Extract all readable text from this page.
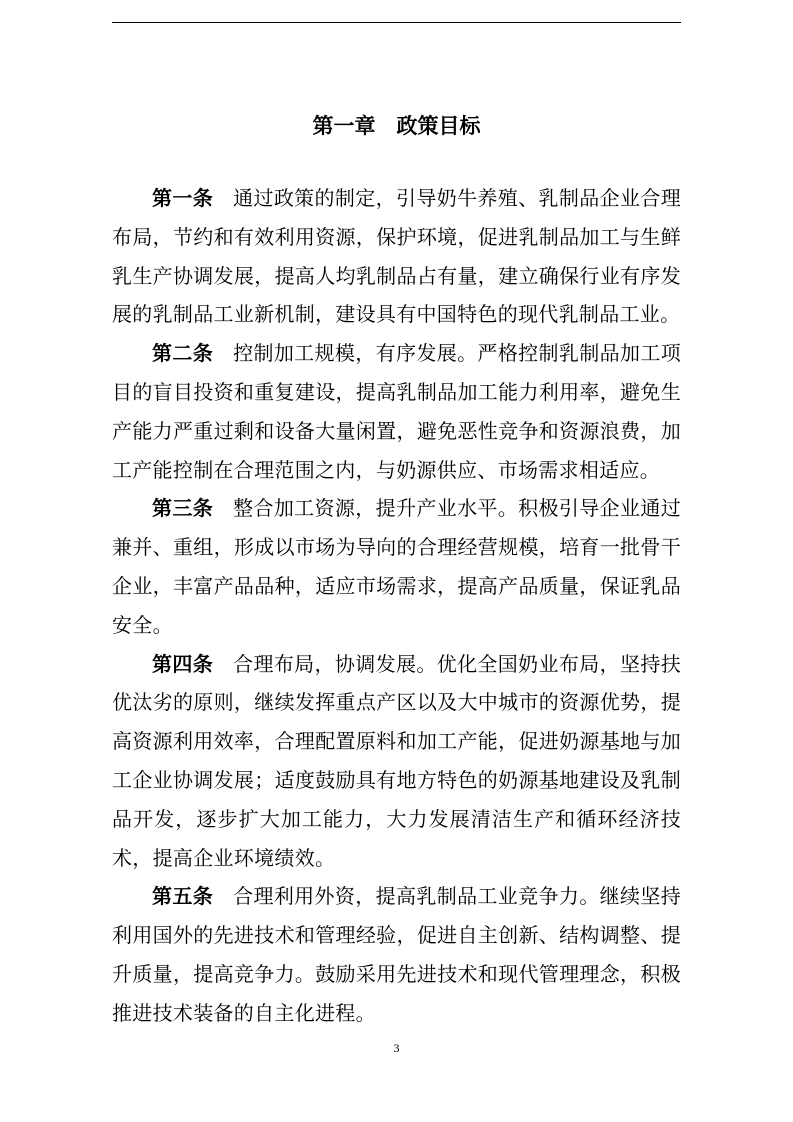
第一章　政策目标

第一条 通过政策的制定，引导奶牛养殖、乳制品企业合理布局，节约和有效利用资源，保护环境，促进乳制品加工与生鲜乳生产协调发展，提高人均乳制品占有量，建立确保行业有序发展的乳制品工业新机制，建设具有中国特色的现代乳制品工业。

第二条 控制加工规模，有序发展。严格控制乳制品加工项目的盲目投资和重复建设，提高乳制品加工能力利用率，避免生产能力严重过剩和设备大量闲置，避免恶性竞争和资源浪费，加工产能控制在合理范围之内，与奶源供应、市场需求相适应。

第三条 整合加工资源，提升产业水平。积极引导企业通过兼并、重组，形成以市场为导向的合理经营规模，培育一批骨干企业，丰富产品品种，适应市场需求，提高产品质量，保证乳品安全。

第四条 合理布局，协调发展。优化全国奶业布局，坚持扶优汰劣的原则，继续发挥重点产区以及大中城市的资源优势，提高资源利用效率，合理配置原料和加工产能，促进奶源基地与加工企业协调发展；适度鼓励具有地方特色的奶源基地建设及乳制品开发，逐步扩大加工能力，大力发展清洁生产和循环经济技术，提高企业环境绩效。

第五条 合理利用外资，提高乳制品工业竞争力。继续坚持利用国外的先进技术和管理经验，促进自主创新、结构调整、提升质量，提高竞争力。鼓励采用先进技术和现代管理理念，积极推进技术装备的自主化进程。

3
